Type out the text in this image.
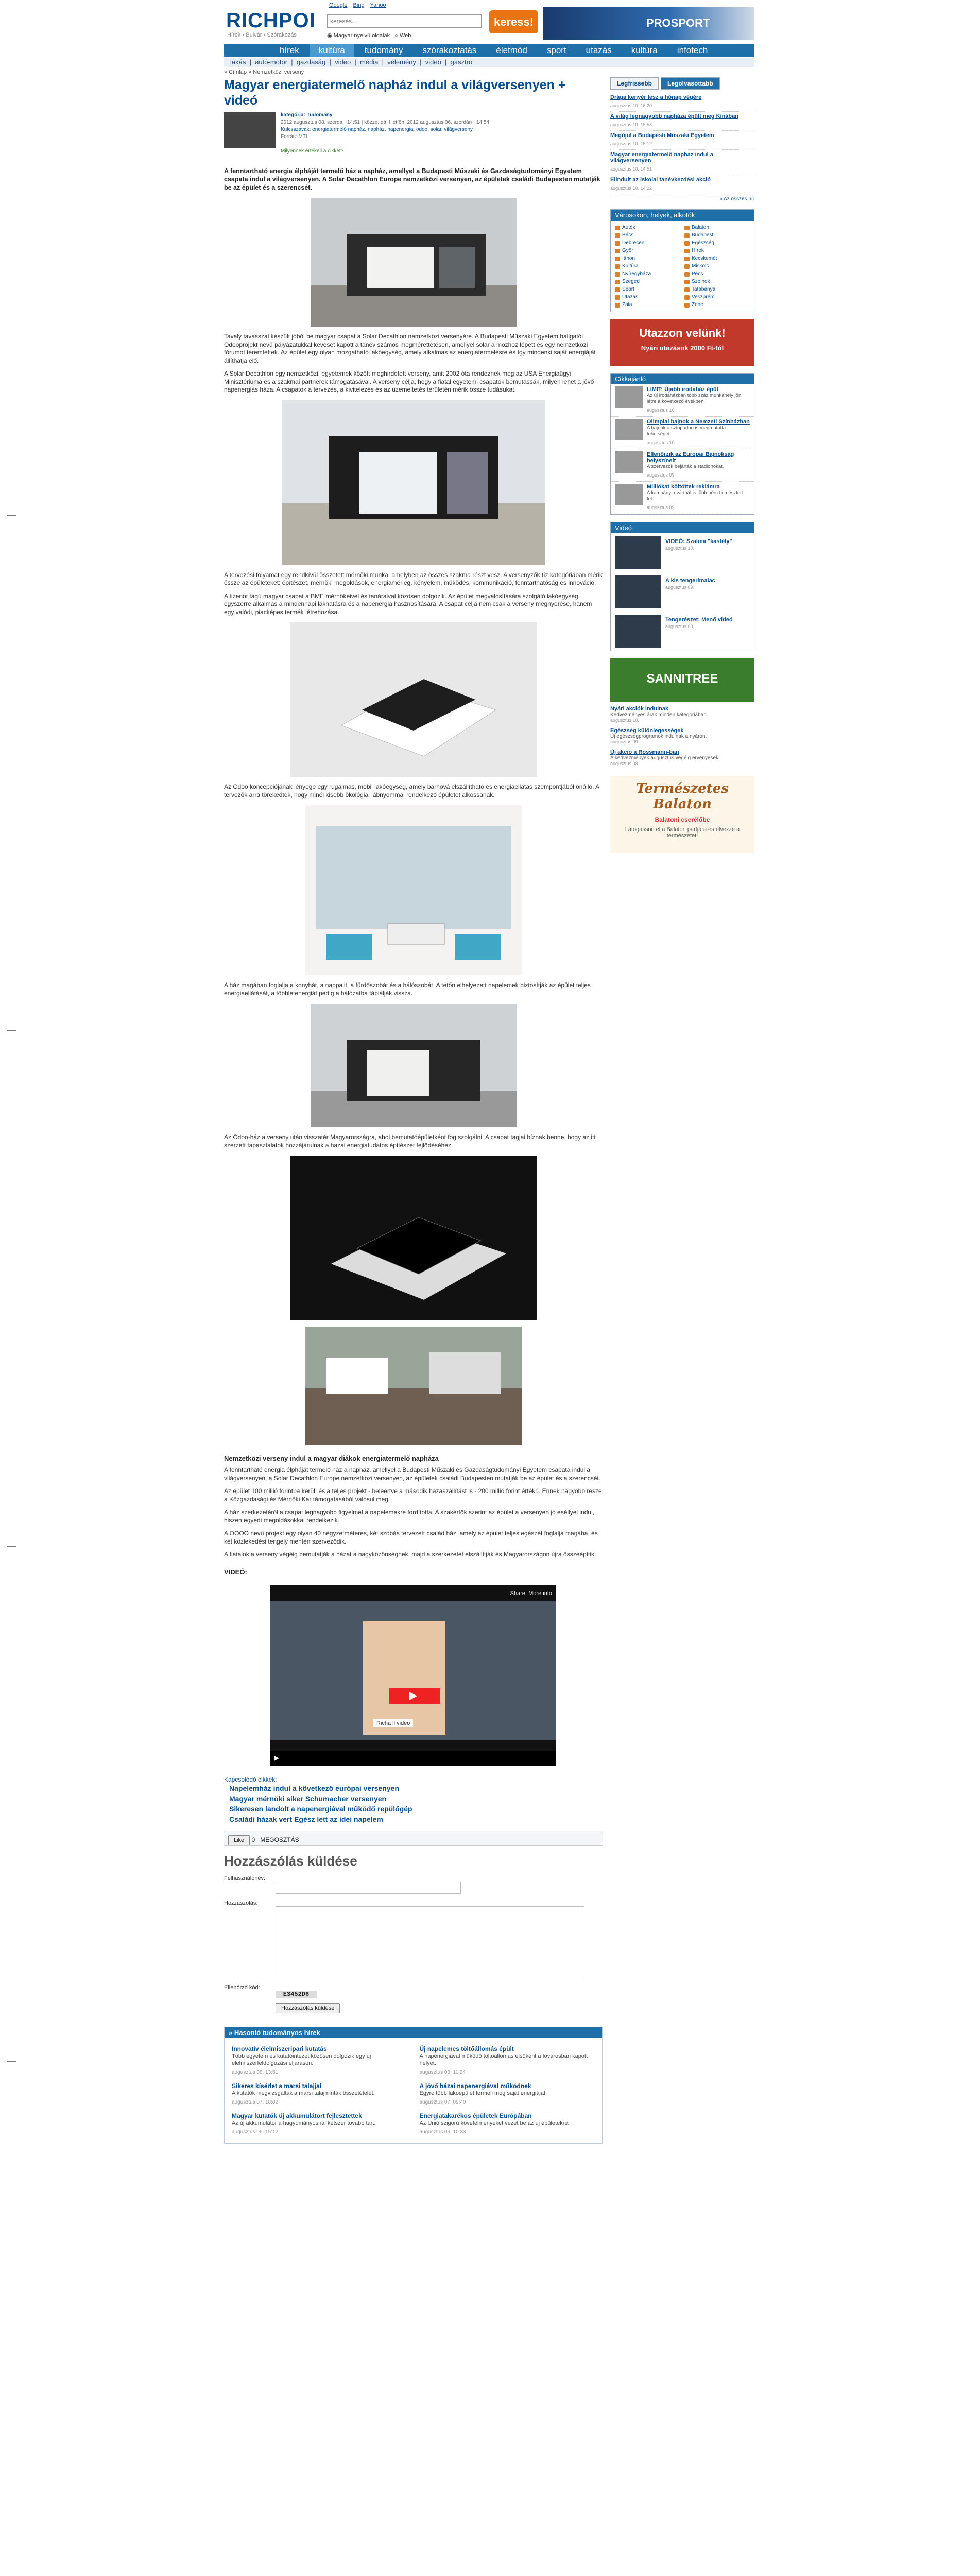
RICHPOI
Hírek • Bulvár • Szórakozás
Google Bing Yahoo
keresés...
keress!	PROSPORT
◉ Magyar nyelvű oldalak ○ Web
hírek	kultúra	tudomány	szórakoztatás	életmód	sport	utazás	kultúra	infotech
lakás  |  autó-motor  |  gazdaság  |  video  |  média  |  vélemény  |  videó  |  gasztro
» Címlap » Nemzetközi verseny
Magyar energiatermelő napház indul a világversenyen + videó
kategória: Tudomány
2012 augusztus 08. szerda · 14:51 | közzé. dá: Hétfőn: 2012 augusztus 06. szerdán · 14:54
Kulcsszavak: energiatermelő napház, napház, napenergia, odoo, solar, világverseny
Forrás: MTI
Milyennek értékeli a cikket?

A fenntartható energia élpháját termelő ház a napház, amellyel a Budapesti Műszaki és Gazdaságtudományi Egyetem csapata indul a világversenyen. A Solar Decathlon Europe nemzetközi versenyen, az épületek családi Budapesten mutatják be az épület és a szerencsét.

Tavaly tavasszal készült jóból be magyar csapat a Solar Decathlon nemzetközi versenyére. A Budapesti Műszaki Egyetem hallgatói Odooprojekt nevű pályázatukkal keveset kapott a tanév számos megmérettetésen, amellyel solar a mozhoz lépett és egy nemzetközi fórumot teremtettek. Az épület egy olyan mozgatható lakóegység, amely alkalmas az energiatermelésre és így mindenki saját energiáját állíthatja elő.

A Solar Decathlon egy nemzetközi, egyetemek között meghirdetett verseny, amit 2002 óta rendeznek meg az USA Energiaügyi Minisztériuma és a szakmai partnerek támogatásával. A verseny célja, hogy a fiatal egyetemi csapatok bemutassák, milyen lehet a jövő napenergiás háza. A csapatok a tervezés, a kivitelezés és az üzemeltetés területén mérik össze tudásukat.

A tervezési folyamat egy rendkívül összetett mérnöki munka, amelyben az összes szakma részt vesz. A versenyzők tíz kategóriában mérik össze az épületeket: építészet, mérnöki megoldások, energiamérleg, kényelem, működés, kommunikáció, fenntarthatóság és innováció.

A tizenöt tagú magyar csapat a BME mérnökeivel és tanáraival közösen dolgozik. Az épület megvalósítására szolgáló lakóegység egyszerre alkalmas a mindennapi lakhatásra és a napenergia hasznosítására. A csapat célja nem csak a verseny megnyerése, hanem egy valódi, piacképes termék létrehozása.

Az Odoo koncepciójának lényege egy rugalmas, mobil lakóegység, amely bárhová elszállítható és energiaellátás szempontjából önálló. A tervezők arra törekedtek, hogy minél kisebb ökológiai lábnyommal rendelkező épületet alkossanak.

A ház magában foglalja a konyhát, a nappalit, a fürdőszobát és a hálószobát. A tetőn elhelyezett napelemek biztosítják az épület teljes energiaellátását, a többletenergiát pedig a hálózatba táplálják vissza.

Az Odoo-ház a verseny után visszatér Magyarországra, ahol bemutatóépületként fog szolgálni. A csapat tagjai bíznak benne, hogy az itt szerzett tapasztalatok hozzájárulnak a hazai energiatudatos építészet fejlődéséhez.

Nemzetközi verseny indul a magyar diákok energiatermelő napháza

A fenntartható energia élpháját termelő ház a napház, amellyel a Budapesti Műszaki és Gazdaságtudományi Egyetem csapata indul a világversenyen, a Solar Decathlon Europe nemzetközi versenyen, az épületek családi Budapesten mutatják be az épület és a szerencsét.

Az épület 100 millió forintba kerül, és a teljes projekt - beleértve a második hazaszállítást is - 200 millió forint értékű. Ennek nagyobb része a Közgazdasági és Mérnöki Kar támogatásából valósul meg.

A ház szerkezetéről a csapat legnagyobb figyelmet a napelemekre fordította. A szakértők szerint az épület a versenyen jó eséllyel indul, hiszen egyedi megoldásokkal rendelkezik.

A OOOO nevű projekt egy olyan 40 négyzetméteres, két szobás tervezett család ház, amely az épület teljes egészét foglalja magába, és két közlekedési tengely mentén szerveződik.

A fiatalok a verseny végéig bemutatják a házat a nagyközönségnek, majd a szerkezetet elszállítják és Magyarországon újra összeépítik.

VIDEÓ:
Share More info
Richa ll video
▶
Kapcsolódó cikkek:
Napelemház indul a következő európai versenyen
Magyar mérnöki siker Schumacher versenyen
Sikeresen landolt a napenergiával működő repülőgép
Családi házak vert Egész lett az idei napelem
Like 0 MEGOSZTÁS
Hozzászólás küldése
Felhasználónév:
Hozzászólás:
Ellenőrző kód:
E3452D6
Hozzászólás küldése
» Hasonló tudományos hírek
Innovatív élelmiszeripari kutatás

Több egyetem és kutatóintézet közösen dolgozik egy új élelmiszerfeldolgozási eljáráson.

augusztus 08. 13:51
Új napelemes töltőállomás épült

A napenergiával működő töltőállomás elsőként a fővárosban kapott helyet.

augusztus 08. 11:24
Sikeres kísérlet a marsi talajjal

A kutatók megvizsgálták a marsi talajminták összetételét.

augusztus 07. 18:02
A jövő házai napenergiával működnek

Egyre több lakóépület termeli meg saját energiáját.

augusztus 07. 09:40
Magyar kutatók új akkumulátort fejlesztettek

Az új akkumulátor a hagyományosnál kétszer tovább tart.

augusztus 06. 15:12
Energiatakarékos épületek Európában

Az Unió szigorú követelményeket vezet be az új épületekre.

augusztus 06. 10:33
Legfrissebb	Legolvasottabb
Drága kenyér lesz a hónap végére
augusztus 10. 16:20
A világ legnagyobb napháza épült meg Kínában
augusztus 10. 15:58
Megújul a Budapesti Műszaki Egyetem
augusztus 10. 15:12
Magyar energiatermelő napház indul a világversenyen
augusztus 10. 14:51
Elindult az iskolai tanévkezdési akció
augusztus 10. 14:22
» Az összes hír
Városokon, helyek, alkotók
Autók	Balaton
Bécs	Budapest
Debrecen	Egészség
Győr	Hírek
Itthon	Kecskemét
Kultúra	Miskolc
Nyíregyháza	Pécs
Szeged	Szolnok
Sport	Tatabánya
Utazás	Veszprém
Zala	Zene
Utazzon velünk!
Nyári utazások 2000 Ft-tól
Cikkajánló
LIMIT: Újabb irodaház épül

Az új irodaházban több száz munkahely jön létre a következő években.

augusztus 10.
Olimpiai bajnok a Nemzeti Színházban

A bajnok a színpadon is megmutatta tehetségét.

augusztus 10.
Ellenőrzik az Európai Bajnokság helyszíneit

A szervezők bejárták a stadionokat.

augusztus 09.
Milliókat költöttek reklámra

A kampány a vártnál is több pénzt emésztett fel.

augusztus 09.
Videó
VIDEÓ: Szalma "kastély"
augusztus 10.
A kis tengerimalac
augusztus 09.
Tengerészet: Menő videó
augusztus 08.
SANNITREE
Nyári akciók indulnak

Kedvezményes árak minden kategóriában.

augusztus 10.
Egészség különlegességek

Új egészségprogramok indulnak a nyáron.

augusztus 09.
Új akció a Rossmann-ban

A kedvezmények augusztus végéig érvényesek.

augusztus 08.
Természetes Balaton
Balatoni cserélőbe
Látogasson el a Balaton partjára és élvezze a természetet!
